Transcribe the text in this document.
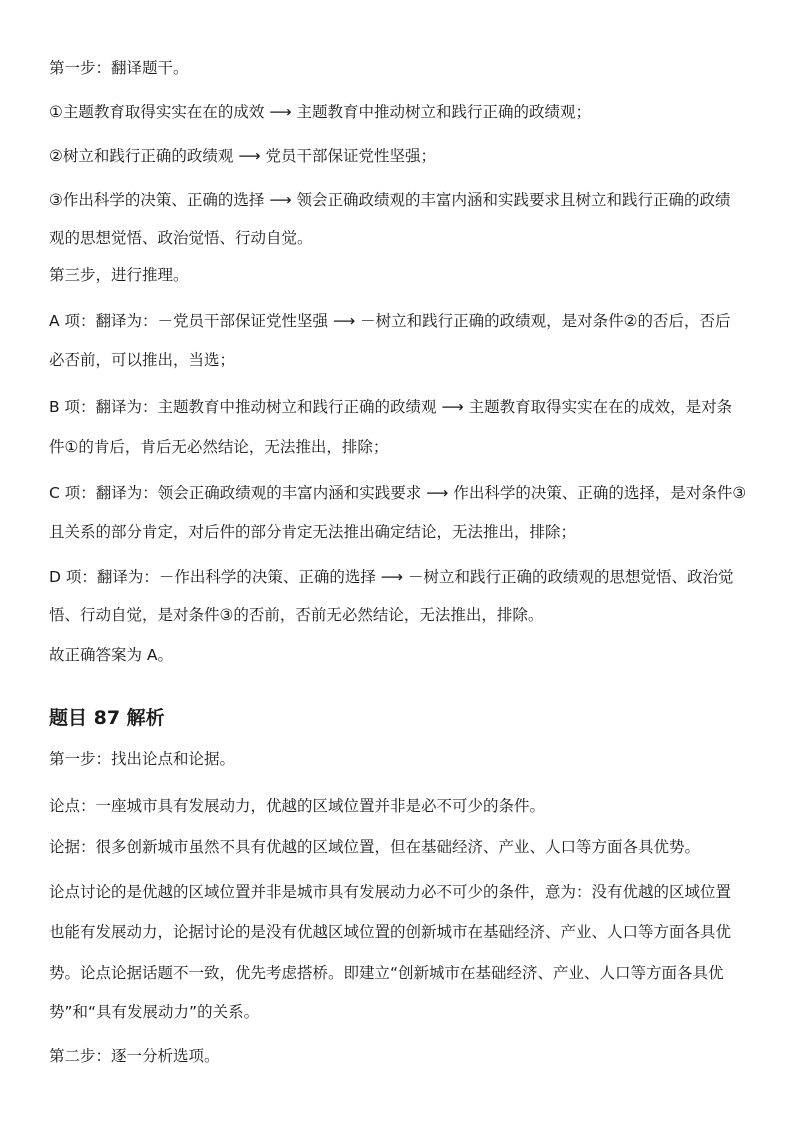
第一步：翻译题干。
①主题教育取得实实在在的成效 ⟶ 主题教育中推动树立和践行正确的政绩观；
②树立和践行正确的政绩观 ⟶ 党员干部保证党性坚强；
③作出科学的决策、正确的选择 ⟶ 领会正确政绩观的丰富内涵和实践要求且树立和践行正确的政绩
观的思想觉悟、政治觉悟、行动自觉。
第三步，进行推理。
A 项：翻译为：－党员干部保证党性坚强 ⟶ －树立和践行正确的政绩观，是对条件②的否后，否后
必否前，可以推出，当选；
B 项：翻译为：主题教育中推动树立和践行正确的政绩观 ⟶ 主题教育取得实实在在的成效，是对条
件①的肯后，肯后无必然结论，无法推出，排除；
C 项：翻译为：领会正确政绩观的丰富内涵和实践要求 ⟶ 作出科学的决策、正确的选择，是对条件③
且关系的部分肯定，对后件的部分肯定无法推出确定结论，无法推出，排除；
D 项：翻译为：－作出科学的决策、正确的选择 ⟶ －树立和践行正确的政绩观的思想觉悟、政治觉
悟、行动自觉，是对条件③的否前，否前无必然结论，无法推出，排除。
故正确答案为 A。
题目 87 解析
第一步：找出论点和论据。
论点：一座城市具有发展动力，优越的区域位置并非是必不可少的条件。
论据：很多创新城市虽然不具有优越的区域位置，但在基础经济、产业、人口等方面各具优势。
论点讨论的是优越的区域位置并非是城市具有发展动力必不可少的条件，意为：没有优越的区域位置
也能有发展动力，论据讨论的是没有优越区域位置的创新城市在基础经济、产业、人口等方面各具优
势。论点论据话题不一致，优先考虑搭桥。即建立“创新城市在基础经济、产业、人口等方面各具优
势”和“具有发展动力”的关系。
第二步：逐一分析选项。
